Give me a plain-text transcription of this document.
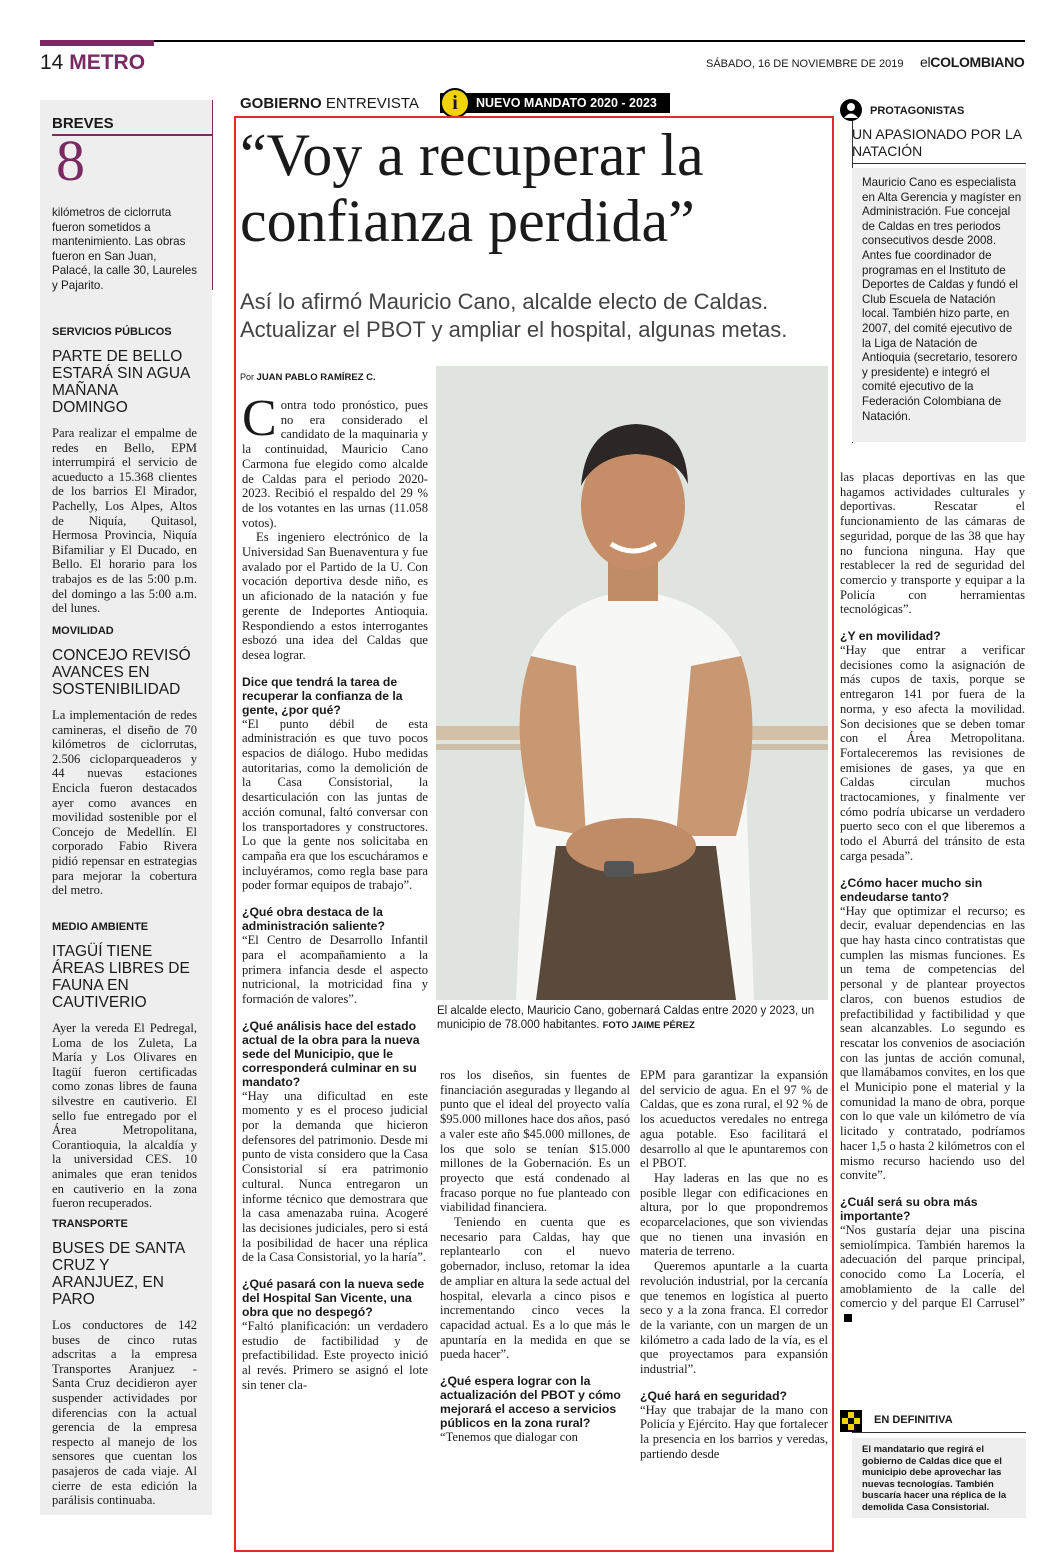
14 METRO	SÁBADO, 16 DE NOVIEMBRE DE 2019 elCOLOMBIANO
BREVES
8
kilómetros de ciclorruta fueron sometidos a mantenimiento. Las obras fueron en San Juan, Palacé, la calle 30, Laureles y Pajarito.
SERVICIOS PÚBLICOS
PARTE DE BELLO ESTARÁ SIN AGUA MAÑANA DOMINGO
Para realizar el empalme de redes en Bello, EPM interrumpirá el servicio de acueducto a 15.368 clientes de los barrios El Mirador, Pachelly, Los Alpes, Altos de Niquía, Quitasol, Hermosa Provincia, Niquía Bifamiliar y El Ducado, en Bello. El horario para los trabajos es de las 5:00 p.m. del domingo a las 5:00 a.m. del lunes.
MOVILIDAD
CONCEJO REVISÓ AVANCES EN SOSTENIBILIDAD
La implementación de redes camineras, el diseño de 70 kilómetros de ciclorrutas, 2.506 cicloparqueaderos y 44 nuevas estaciones Encicla fueron destacados ayer como avances en movilidad sostenible por el Concejo de Medellín. El corporado Fabio Rivera pidió repensar en estrategias para mejorar la cobertura del metro.
MEDIO AMBIENTE
ITAGÜÍ TIENE ÁREAS LIBRES DE FAUNA EN CAUTIVERIO
Ayer la vereda El Pedregal, Loma de los Zuleta, La María y Los Olivares en Itagüí fueron certificadas como zonas libres de fauna silvestre en cautiverio. El sello fue entregado por el Área Metropolitana, Corantioquia, la alcaldía y la universidad CES. 10 animales que eran tenidos en cautiverio en la zona fueron recuperados.
TRANSPORTE
BUSES DE SANTA CRUZ Y ARANJUEZ, EN PARO
Los conductores de 142 buses de cinco rutas adscritas a la empresa Transportes Aranjuez - Santa Cruz decidieron ayer suspender actividades por diferencias con la actual gerencia de la empresa respecto al manejo de los sensores que cuentan los pasajeros de cada viaje. Al cierre de esta edición la parálisis continuaba.
GOBIERNO ENTREVISTA	NUEVO MANDATO 2020 - 2023
i
“Voy a recuperar la confianza perdida”
Así lo afirmó Mauricio Cano, alcalde electo de Caldas. Actualizar el PBOT y ampliar el hospital, algunas metas.
Por JUAN PABLO RAMÍREZ C.
El alcalde electo, Mauricio Cano, gobernará Caldas entre 2020 y 2023, un municipio de 78.000 habitantes. FOTO JAIME PÉREZ
C ontra todo pronóstico, pues no era considerado el candidato de la maquinaria y la continuidad, Mauricio Cano Carmona fue elegido como alcalde de Caldas para el periodo 2020-2023. Recibió el respaldo del 29 % de los votantes en las urnas (11.058 votos).
Es ingeniero electrónico de la Universidad San Buenaventura y fue avalado por el Partido de la U. Con vocación deportiva desde niño, es un aficionado de la natación y fue gerente de Indeportes Antioquia. Respondiendo a estos interrogantes esbozó una idea del Caldas que desea lograr.
Dice que tendrá la tarea de recuperar la confianza de la gente, ¿por qué?
“El punto débil de esta administración es que tuvo pocos espacios de diálogo. Hubo medidas autoritarias, como la demolición de la Casa Consistorial, la desarticulación con las juntas de acción comunal, faltó conversar con los transportadores y constructores. Lo que la gente nos solicitaba en campaña era que los escucháramos e incluyéramos, como regla base para poder formar equipos de trabajo”.
¿Qué obra destaca de la administración saliente?
“El Centro de Desarrollo Infantil para el acompañamiento a la primera infancia desde el aspecto nutricional, la motricidad fina y formación de valores”.
¿Qué análisis hace del estado actual de la obra para la nueva sede del Municipio, que le corresponderá culminar en su mandato?
“Hay una dificultad en este momento y es el proceso judicial por la demanda que hicieron defensores del patrimonio. Desde mi punto de vista considero que la Casa Consistorial sí era patrimonio cultural. Nunca entregaron un informe técnico que demostrara que la casa amenazaba ruina. Acogeré las decisiones judiciales, pero si está la posibilidad de hacer una réplica de la Casa Consistorial, yo la haría”.
¿Qué pasará con la nueva sede del Hospital San Vicente, una obra que no despegó?
“Faltó planificación: un verdadero estudio de factibilidad y de prefactibilidad. Este proyecto inició al revés. Primero se asignó el lote sin tener cla-
ros los diseños, sin fuentes de financiación aseguradas y llegando al punto que el ideal del proyecto valía $95.000 millones hace dos años, pasó a valer este año $45.000 millones, de los que solo se tenían $15.000 millones de la Gobernación. Es un proyecto que está condenado al fracaso porque no fue planteado con viabilidad financiera.
Teniendo en cuenta que es necesario para Caldas, hay que replantearlo con el nuevo gobernador, incluso, retomar la idea de ampliar en altura la sede actual del hospital, elevarla a cinco pisos e incrementando cinco veces la capacidad actual. Es a lo que más le apuntaría en la medida en que se pueda hacer”.
¿Qué espera lograr con la actualización del PBOT y cómo mejorará el acceso a servicios públicos en la zona rural?
“Tenemos que dialogar con
EPM para garantizar la expansión del servicio de agua. En el 97 % de Caldas, que es zona rural, el 92 % de los acueductos veredales no entrega agua potable. Eso facilitará el desarrollo al que le apuntaremos con el PBOT.
Hay laderas en las que no es posible llegar con edificaciones en altura, por lo que propondremos ecoparcelaciones, que son viviendas que no tienen una invasión en materia de terreno.
Queremos apuntarle a la cuarta revolución industrial, por la cercanía que tenemos en logística al puerto seco y a la zona franca. El corredor de la variante, con un margen de un kilómetro a cada lado de la vía, es el que proyectamos para expansión industrial”.
¿Qué hará en seguridad?
“Hay que trabajar de la mano con Policía y Ejército. Hay que fortalecer la presencia en los barrios y veredas, partiendo desde
las placas deportivas en las que hagamos actividades culturales y deportivas. Rescatar el funcionamiento de las cámaras de seguridad, porque de las 38 que hay no funciona ninguna. Hay que restablecer la red de seguridad del comercio y transporte y equipar a la Policía con herramientas tecnológicas”.
¿Y en movilidad?
“Hay que entrar a verificar decisiones como la asignación de más cupos de taxis, porque se entregaron 141 por fuera de la norma, y eso afecta la movilidad. Son decisiones que se deben tomar con el Área Metropolitana. Fortaleceremos las revisiones de emisiones de gases, ya que en Caldas circulan muchos tractocamiones, y finalmente ver cómo podría ubicarse un verdadero puerto seco con el que liberemos a todo el Aburrá del tránsito de esta carga pesada”.
¿Cómo hacer mucho sin endeudarse tanto?
“Hay que optimizar el recurso; es decir, evaluar dependencias en las que hay hasta cinco contratistas que cumplen las mismas funciones. Es un tema de competencias del personal y de plantear proyectos claros, con buenos estudios de prefactibilidad y factibilidad y que sean alcanzables. Lo segundo es rescatar los convenios de asociación con las juntas de acción comunal, que llamábamos convites, en los que el Municipio pone el material y la comunidad la mano de obra, porque con lo que vale un kilómetro de vía licitado y contratado, podríamos hacer 1,5 o hasta 2 kilómetros con el mismo recurso haciendo uso del convite”.
¿Cuál será su obra más importante?
“Nos gustaría dejar una piscina semiolímpica. También haremos la adecuación del parque principal, conocido como La Locería, el amoblamiento de la calle del comercio y del parque El Carrusel”
PROTAGONISTAS
UN APASIONADO POR LA NATACIÓN
Mauricio Cano es especialista en Alta Gerencia y magíster en Administración. Fue concejal de Caldas en tres periodos consecutivos desde 2008. Antes fue coordinador de programas en el Instituto de Deportes de Caldas y fundó el Club Escuela de Natación local. También hizo parte, en 2007, del comité ejecutivo de la Liga de Natación de Antioquia (secretario, tesorero y presidente) e integró el comité ejecutivo de la Federación Colombiana de Natación.
EN DEFINITIVA
El mandatario que regirá el gobierno de Caldas dice que el municipio debe aprovechar las nuevas tecnologías. También buscaría hacer una réplica de la demolida Casa Consistorial.
